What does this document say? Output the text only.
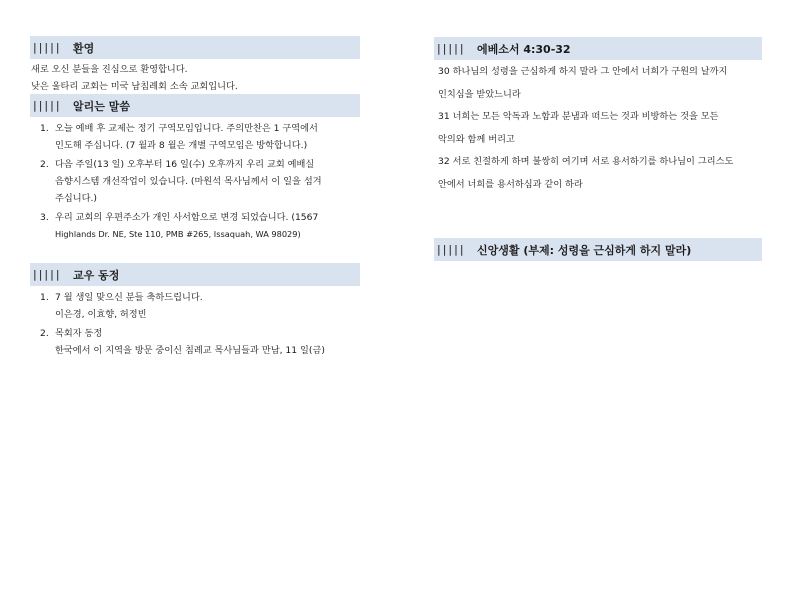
|||||	환영

새로 오신 분들을 진심으로 환영합니다.

낮은 울타리 교회는 미국 남침례회 소속 교회입니다.

|||||	알리는 말씀
1. 오늘 예배 후 교제는 정기 구역모임입니다. 주의만찬은 1 구역에서
인도해 주십니다. (7 월과 8 월은 개별 구역모임은 방학합니다.)
2. 다음 주일(13 일) 오후부터 16 일(수) 오후까지 우리 교회 예배실
음향시스템 개선작업이 있습니다. (마원석 목사님께서 이 일을 섬겨
주십니다.)
3. 우리 교회의 우편주소가 개인 사서함으로 변경 되었습니다. (1567
Highlands Dr. NE, Ste 110, PMB #265, Issaquah, WA 98029)
|||||	교우 동정
1. 7 월 생일 맞으신 분들 축하드립니다.
이은경, 이효향, 허정빈
2. 목회자 동정
한국에서 이 지역을 방문 중이신 침례교 목사님들과 만남, 11 일(금)
|||||	에베소서 4:30-32
30 하나님의 성령을 근심하게 하지 말라 그 안에서 너희가 구원의 날까지
인치심을 받았느니라
31 너희는 모든 악독과 노함과 분냄과 떠드는 것과 비방하는 것을 모든
악의와 함께 버리고
32 서로 친절하게 하며 불쌍히 여기며 서로 용서하기를 하나님이 그리스도
안에서 너희를 용서하심과 같이 하라
|||||	신앙생활 (부제: 성령을 근심하게 하지 말라)
